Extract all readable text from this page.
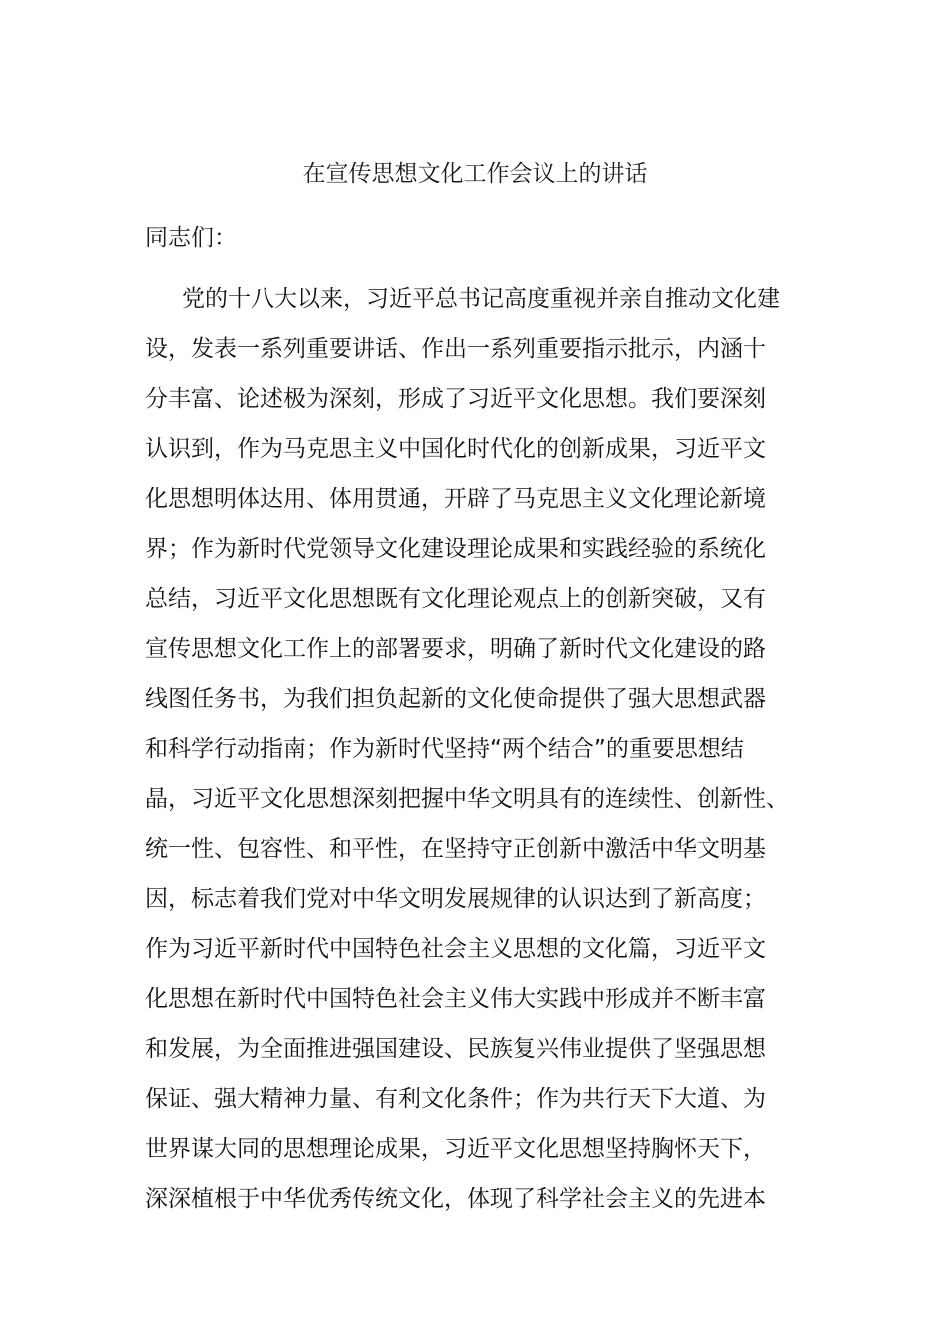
在宣传思想文化工作会议上的讲话

同志们：

党的十八大以来，习近平总书记高度重视并亲自推动文化建
设，发表一系列重要讲话、作出一系列重要指示批示，内涵十
分丰富、论述极为深刻，形成了习近平文化思想。我们要深刻
认识到，作为马克思主义中国化时代化的创新成果，习近平文
化思想明体达用、体用贯通，开辟了马克思主义文化理论新境
界；作为新时代党领导文化建设理论成果和实践经验的系统化
总结，习近平文化思想既有文化理论观点上的创新突破，又有
宣传思想文化工作上的部署要求，明确了新时代文化建设的路
线图任务书，为我们担负起新的文化使命提供了强大思想武器
和科学行动指南；作为新时代坚持“两个结合”的重要思想结
晶，习近平文化思想深刻把握中华文明具有的连续性、创新性、
统一性、包容性、和平性，在坚持守正创新中激活中华文明基
因，标志着我们党对中华文明发展规律的认识达到了新高度；
作为习近平新时代中国特色社会主义思想的文化篇，习近平文
化思想在新时代中国特色社会主义伟大实践中形成并不断丰富
和发展，为全面推进强国建设、民族复兴伟业提供了坚强思想
保证、强大精神力量、有利文化条件；作为共行天下大道、为
世界谋大同的思想理论成果，习近平文化思想坚持胸怀天下，
深深植根于中华优秀传统文化，体现了科学社会主义的先进本
